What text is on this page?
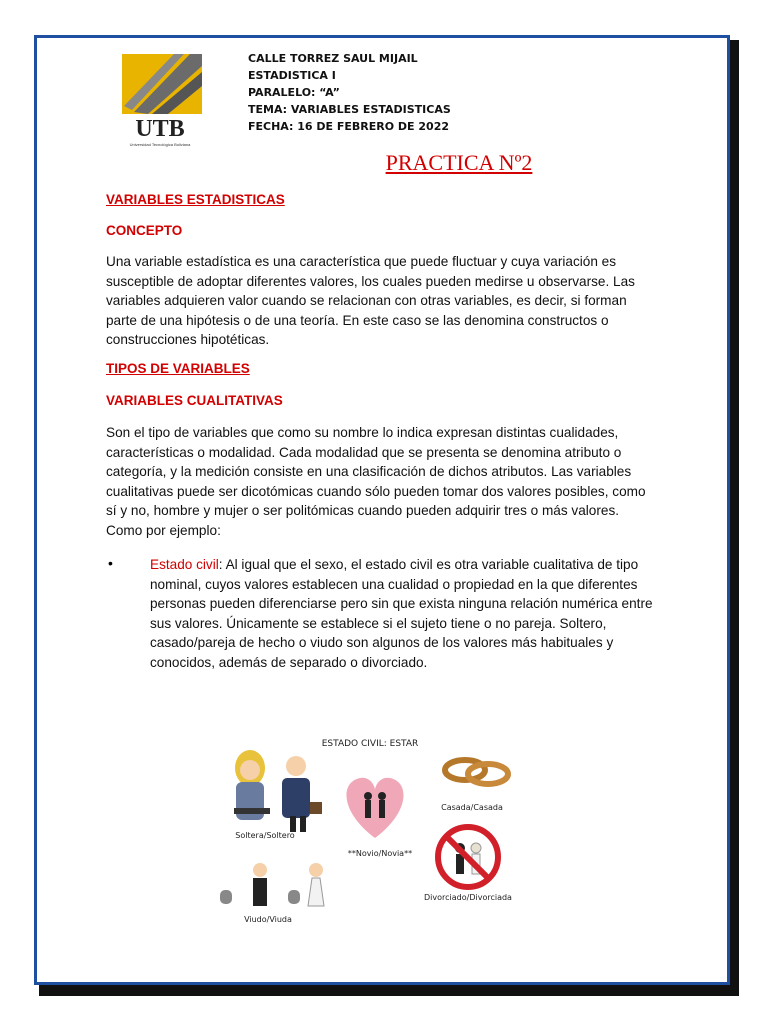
UTB
Universidad Tecnológica Boliviana
CALLE TORREZ SAUL MIJAIL
ESTADISTICA I
PARALELO: “A”
TEMA: VARIABLES ESTADISTICAS
FECHA: 16 DE FEBRERO DE 2022
PRACTICA Nº2
VARIABLES ESTADISTICAS
CONCEPTO
Una variable estadística es una característica que puede fluctuar y cuya variación es susceptible de adoptar diferentes valores, los cuales pueden medirse u observarse. Las variables adquieren valor cuando se relacionan con otras variables, es decir, si forman parte de una hipótesis o de una teoría. En este caso se las denomina constructos o construcciones hipotéticas.
TIPOS DE VARIABLES
VARIABLES CUALITATIVAS
Son el tipo de variables que como su nombre lo indica expresan distintas cualidades, características o modalidad. Cada modalidad que se presenta se denomina atributo o categoría, y la medición consiste en una clasificación de dichos atributos. Las variables cualitativas puede ser dicotómicas cuando sólo pueden tomar dos valores posibles, como sí y no, hombre y mujer o ser politómicas cuando pueden adquirir tres o más valores. Como por ejemplo:
•	Estado civil: Al igual que el sexo, el estado civil es otra variable cualitativa de tipo nominal, cuyos valores establecen una cualidad o propiedad en la que diferentes personas pueden diferenciarse pero sin que exista ninguna relación numérica entre sus valores. Únicamente se establece si el sujeto tiene o no pareja. Soltero, casado/pareja de hecho o viudo son algunos de los valores más habituales y conocidos, además de separado o divorciado.
ESTADO CIVIL: ESTAR
Soltera/Soltero
**Novio/Novia**
Casada/Casada
Divorciado/Divorciada
Viudo/Viuda
